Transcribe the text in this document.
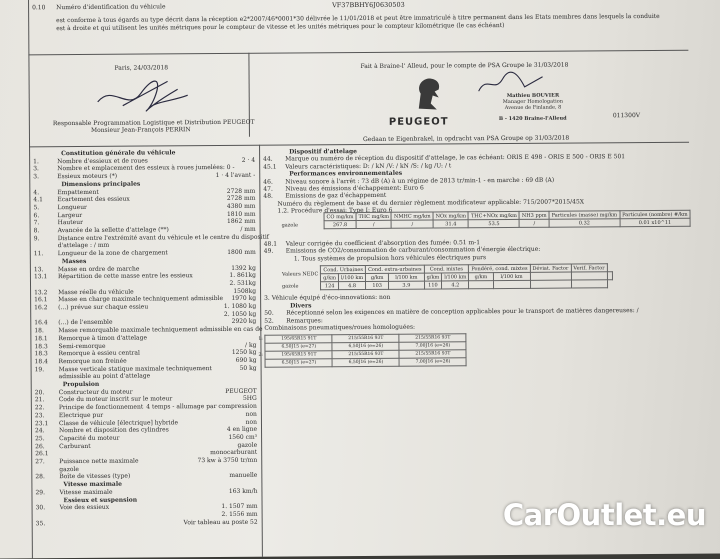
0.10 Numéro d'identification du véhicule	VF37BBHY6J0630503
est conforme à tous égards au type décrit dans la réception e2*2007/46*0001*30 délivrée le 11/01/2018 et peut être immatriculé à titre permanent dans les Etats membres dans lesquels la conduite
est à droite et qui utilisent les unités métriques pour le compteur de vitesse et les unités métriques pour le compteur kilométrique (le cas échéant)
Paris, 24/03/2018
Responsable Programmation Logistique et Distribution PEUGEOT
Monsieur Jean-François PERRIN
Fait à Braine-l' Alleud, pour le compte de PSA Groupe le 31/03/2018
PEUGEOT
Mathieu BOUVIER
Manager Homologation
Avenue de Finlande, 8
B - 1420 Braine-l'Alleud	011300V
Gedaan te Eigenbrakel, in opdracht van PSA Groupe op 31/03/2018
Constitution générale du véhicule
1.	Nombre d'essieux et de roues	2 · 4
3.	Nombre et emplacement des essieux à roues jumelées: 0 -
3.	Essieux moteurs (*)	1 · 4 l'avant -
Dimensions principales
4.	Empattement	2728 mm
4.1 Ecartement des essieux	2728 mm
5.	Longueur	4380 mm
6.	Largeur	1810 mm
7.	Hauteur	1862 mm
8.	Avancée de la sellette d'attelage (**)	/ mm
9.	Distance entre l'extrémité avant du véhicule et le centre du dispositif
d'attelage : / mm
11. Longueur de la zone de chargement	1800 mm
Masses
13. Masse en ordre de marche	1392 kg
13.1 Répartition de cette masse entre les essieux	1. 861kg
2. 531kg
13.2 Masse réelle du véhicule	1508kg
16.1 Masse en charge maximale techniquement admissible 1970 kg
16.2 (...) prévue sur chaque essieu	1. 1080 kg
2. 1050 kg
16.4 (...) de l'ensemble	2920 kg
18. Masse remorquable maximale techniquement admissible en cas de
18.1 Remorque à timon d'attelage
18.3 Semi-remorque	/ kg
18.3 Remorque à essieu central	1250 kg
18.4 Remorque non freinée	690 kg
19. Masse verticale statique maximale techniquement	50 kg
admissible au point d'attelage
Propulsion
20. Constructeur du moteur	PEUGEOT
21. Code du moteur inscrit sur le moteur	5HG
22. Principe de fonctionnement 4 temps - allumage par compression
23. Electrique pur	non
23.1 Classe de véhicule [électrique] hybride	non
24. Nombre et disposition des cylindres	4 en ligne
25. Capacité du moteur	1560 cm³
26. Carburant	gazole
26.1	monocarburant
27. Puissance nette maximale	73 kw à 3750 tr/mn
gazole
28. Boîte de vitesses (type)	manuelle
Vitesse maximale
29. Vitesse maximale	163 km/h
Essieux et suspension
30. Voie des essieux	1. 1507 mm
2. 1556 mm
35.	Voir tableau au poste 52
Dispositif d'attelage
44. Marque ou numéro de réception du dispositif d'attelage, le cas échéant: ORIS E 498 - ORIS E 500 - ORIS E 501
45.1 Valeurs caractéristiques: D: / kN /V: / kN /S: / kg /U: / t
Performances environnementales
46. Niveau sonore à l'arrêt : 73 dB (A) à un régime de 2813 tr/min-1 - en marche : 69 dB (A)
47. Niveau des émissions d'échappement: Euro 6
48. Emissions de gaz d'échappement
Numéro du règlement de base et du dernier règlement modificateur applicable: 715/2007*2015/45X
1.2. Procédure d'essai: Type I: Euro 6
	CO mg/km	THC mg/km	NMHC mg/km	NOx mg/km	THC+NOx mg/km	NH3 ppm	Particules (masse) mg/km	Particules (nombre) #/km
gazole	267.8	/	/	31.4	53.5	/	0.32	0.01 x10^11
48.1 Valeur corrigée du coefficient d'absorption des fumée: 0.51 m-1
49. Emissions de CO2/consommation de carburant/consommation d'énergie électrique:
1. Tous systèmes de propulsion hors véhicules électriques purs
Valeurs NEDC	Cond. Urbaines		Cond. extra-urbaines		Cond. mixtes		Pondéré, cond. mixtes		Déviat. Factor	Verif. Factor	
	g/km	l/100 km	g/km	l/100 km	g/km	l/100 km	g/km	l/100 km			
gazole	124	4.8	103	3.9	110	4.2					
3. Véhicule équipé d'éco-innovations: non
Divers
50. Réceptionné selon les exigences en matière de conception applicables pour le transport de matières dangereuses: /
52. Remarques:
Combinaisons pneumatiques/roues homologuées:
1:	195/65R15 91T	215/55R16 93T	215/55R16 93T
	6,50J15 (e=27)	6,50J16 (e=26)	7,00J16 (e=26)
2:	195/65R15 91T	215/55R16 93T	215/55R16 93T
	6,50J15 (e=27)	6,50J16 (e=26)	7,00J16 (e=26)
CarOutlet.eu
